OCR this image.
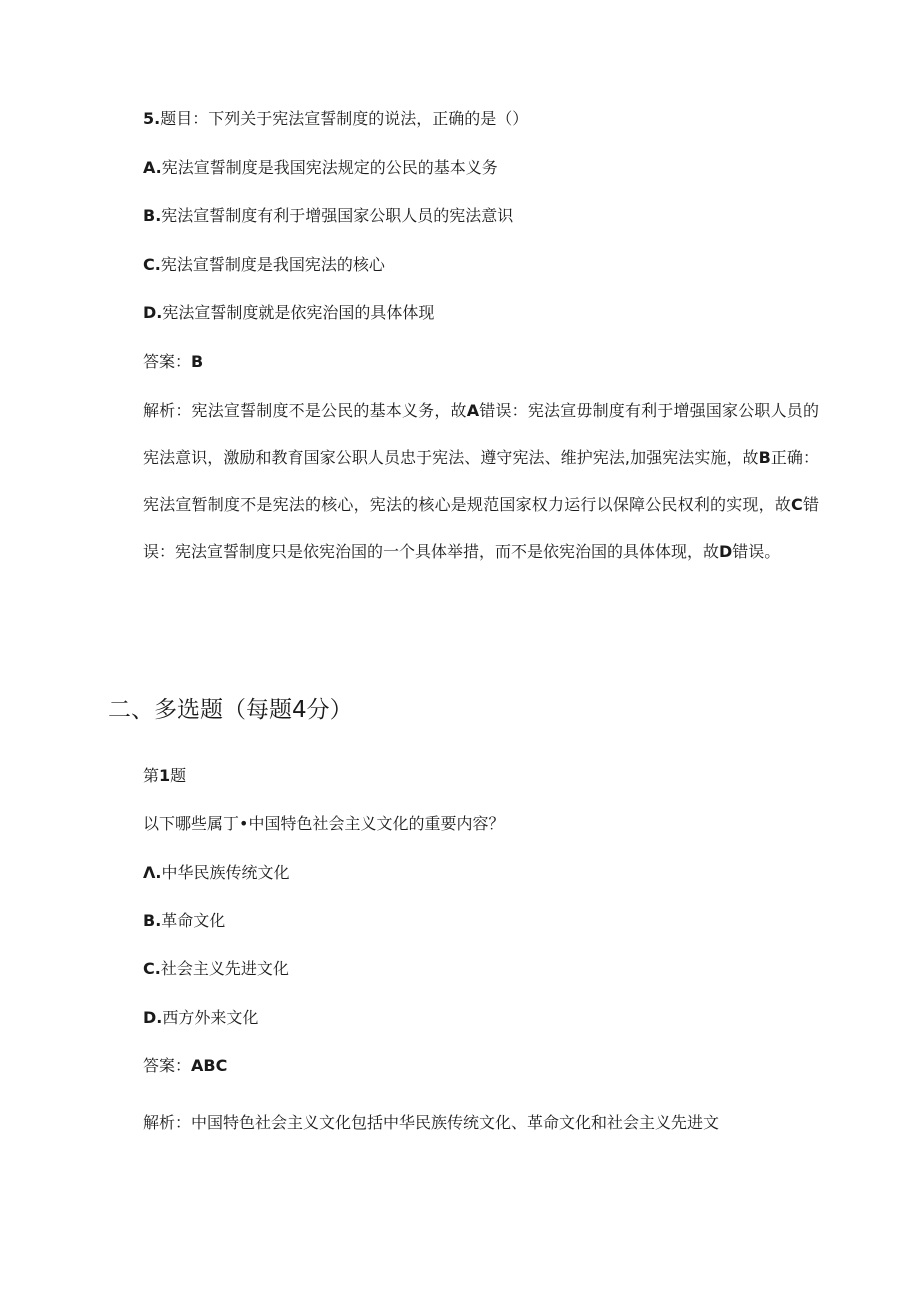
5.题目：下列关于宪法宣誓制度的说法，正确的是（）
A.宪法宣誓制度是我国宪法规定的公民的基本义务
B.宪法宣誓制度有利于增强国家公职人员的宪法意识
C.宪法宣誓制度是我国宪法的核心
D.宪法宣誓制度就是依宪治国的具体体现
答案：B
解析：宪法宣誓制度不是公民的基本义务，故A错误：宪法宣毋制度有利于增强国家公职人员的宪法意识，激励和教育国家公职人员忠于宪法、遵守宪法、维护宪法,加强宪法实施，故B正确：宪法宣暂制度不是宪法的核心，宪法的核心是规范国家权力运行以保障公民权利的实现，故C错误：宪法宣誓制度只是依宪治国的一个具体举措，而不是依宪治国的具体体现，故D错误。
二、多选题（每题4分）
第1题
以下哪些属丁•中国特色社会主义文化的重要内容？
Λ.中华民族传统文化
B.革命文化
C.社会主义先进文化
D.西方外来文化
答案：ABC
解析：中国特色社会主义文化包括中华民族传统文化、革命文化和社会主义先进文
